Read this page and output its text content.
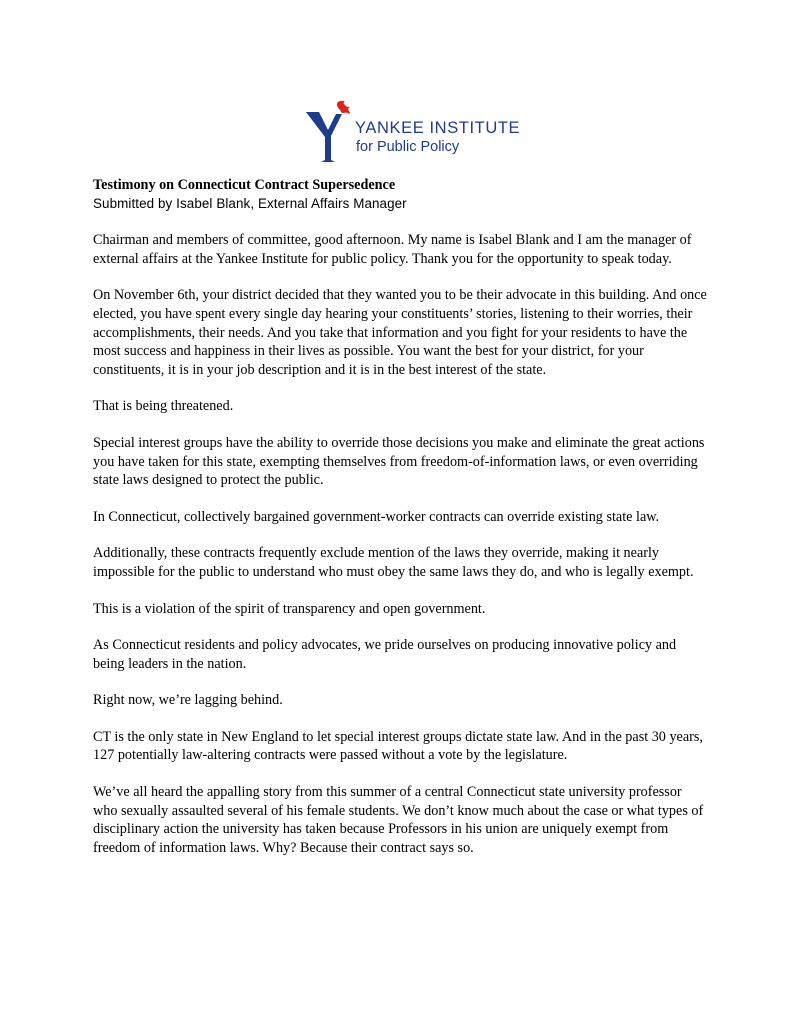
YANKEE INSTITUTE
for Public Policy

Testimony on Connecticut Contract Supersedence

Submitted by Isabel Blank, External Affairs Manager

Chairman and members of committee, good afternoon. My name is Isabel Blank and I am the manager of external affairs at the Yankee Institute for public policy. Thank you for the opportunity to speak today.

On November 6th, your district decided that they wanted you to be their advocate in this building. And once elected, you have spent every single day hearing your constituents’ stories, listening to their worries, their accomplishments, their needs. And you take that information and you fight for your residents to have the most success and happiness in their lives as possible. You want the best for your district, for your constituents, it is in your job description and it is in the best interest of the state.

That is being threatened.

Special interest groups have the ability to override those decisions you make and eliminate the great actions you have taken for this state, exempting themselves from freedom-of-information laws, or even overriding state laws designed to protect the public.

In Connecticut, collectively bargained government-worker contracts can override existing state law.

Additionally, these contracts frequently exclude mention of the laws they override, making it nearly impossible for the public to understand who must obey the same laws they do, and who is legally exempt.

This is a violation of the spirit of transparency and open government.

As Connecticut residents and policy advocates, we pride ourselves on producing innovative policy and being leaders in the nation.

Right now, we’re lagging behind.

CT is the only state in New England to let special interest groups dictate state law. And in the past 30 years, 127 potentially law-altering contracts were passed without a vote by the legislature.

We’ve all heard the appalling story from this summer of a central Connecticut state university professor who sexually assaulted several of his female students. We don’t know much about the case or what types of disciplinary action the university has taken because Professors in his union are uniquely exempt from freedom of information laws. Why? Because their contract says so.
